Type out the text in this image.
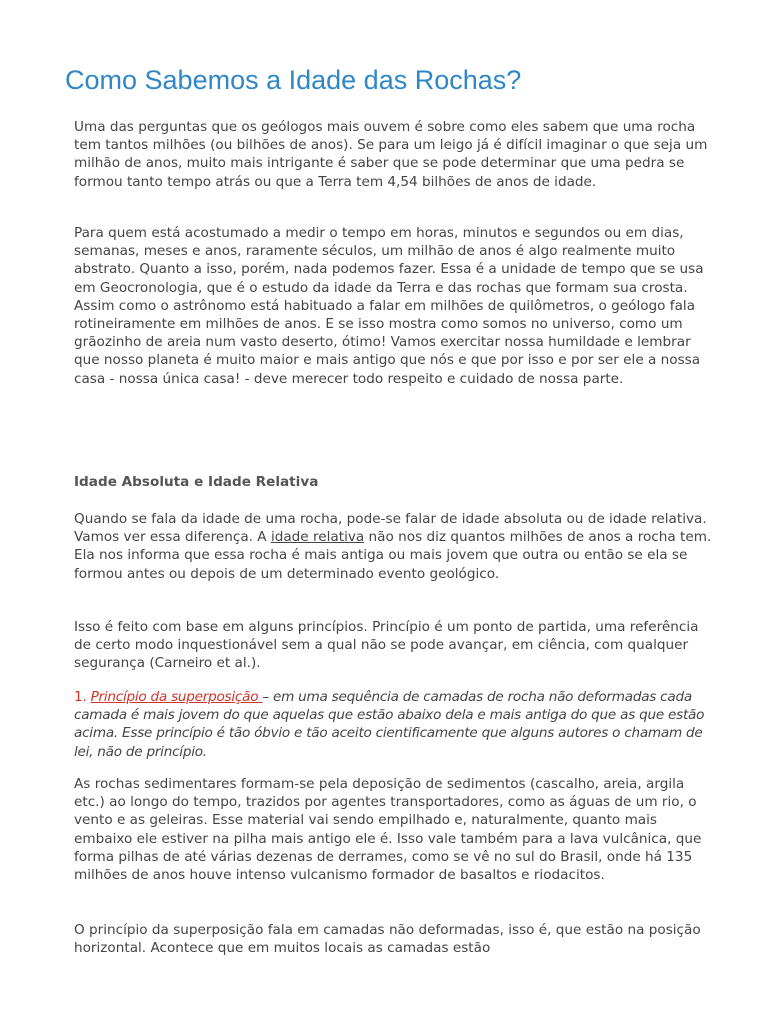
Como Sabemos a Idade das Rochas?

Uma das perguntas que os geólogos mais ouvem é sobre como eles sabem que uma rocha tem tantos milhões (ou bilhões de anos). Se para um leigo já é difícil imaginar o que seja um milhão de anos, muito mais intrigante é saber que se pode determinar que uma pedra se formou tanto tempo atrás ou que a Terra tem 4,54 bilhões de anos de idade.

Para quem está acostumado a medir o tempo em horas, minutos e segundos ou em dias, semanas, meses e anos, raramente séculos, um milhão de anos é algo realmente muito abstrato. Quanto a isso, porém, nada podemos fazer. Essa é a unidade de tempo que se usa em Geocronologia, que é o estudo da idade da Terra e das rochas que formam sua crosta. Assim como o astrônomo está habituado a falar em milhões de quilômetros, o geólogo fala rotineiramente em milhões de anos. E se isso mostra como somos no universo, como um grãozinho de areia num vasto deserto, ótimo! Vamos exercitar nossa humildade e lembrar que nosso planeta é muito maior e mais antigo que nós e que por isso e por ser ele a nossa casa - nossa única casa! - deve merecer todo respeito e cuidado de nossa parte.

Idade Absoluta e Idade Relativa

Quando se fala da idade de uma rocha, pode-se falar de idade absoluta ou de idade relativa. Vamos ver essa diferença. A idade relativa não nos diz quantos milhões de anos a rocha tem. Ela nos informa que essa rocha é mais antiga ou mais jovem que outra ou então se ela se formou antes ou depois de um determinado evento geológico.

Isso é feito com base em alguns princípios. Princípio é um ponto de partida, uma referência de certo modo inquestionável sem a qual não se pode avançar, em ciência, com qualquer segurança (Carneiro et al.).

1. Princípio da superposição – em uma sequência de camadas de rocha não deformadas cada camada é mais jovem do que aquelas que estão abaixo dela e mais antiga do que as que estão acima. Esse princípio é tão óbvio e tão aceito cientificamente que alguns autores o chamam de lei, não de princípio.

As rochas sedimentares formam-se pela deposição de sedimentos (cascalho, areia, argila etc.) ao longo do tempo, trazidos por agentes transportadores, como as águas de um rio, o vento e as geleiras. Esse material vai sendo empilhado e, naturalmente, quanto mais embaixo ele estiver na pilha mais antigo ele é. Isso vale também para a lava vulcânica, que forma pilhas de até várias dezenas de derrames, como se vê no sul do Brasil, onde há 135 milhões de anos houve intenso vulcanismo formador de basaltos e riodacitos.

O princípio da superposição fala em camadas não deformadas, isso é, que estão na posição horizontal. Acontece que em muitos locais as camadas estão
